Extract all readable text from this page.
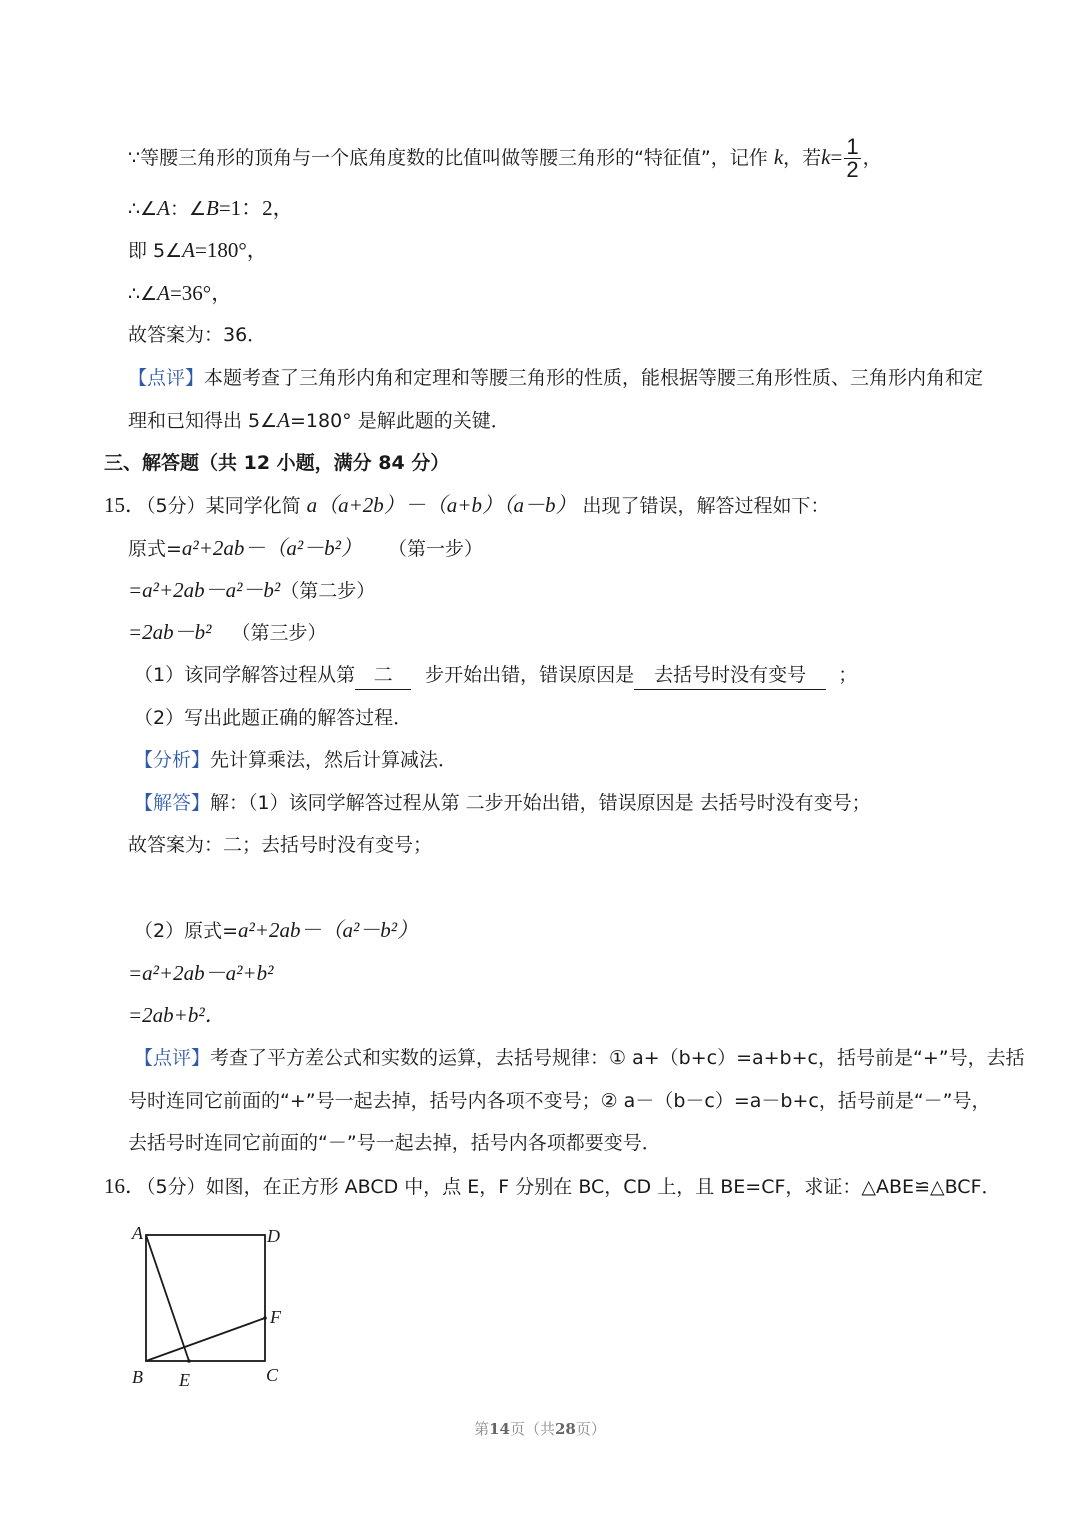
∵等腰三角形的顶角与一个底角度数的比值叫做等腰三角形的“特征值”，记作 k，若$k= \frac{1}{2}$ ，
∴∠A：∠B=1：2，
即 5∠A=180°，
∴∠A=36°，
故答案为：36．
【点评】本题考查了三角形内角和定理和等腰三角形的性质，能根据等腰三角形性质、三角形内角和定
理和已知得出 5∠A=180° 是解此题的关键．
三、解答题（共 12 小题，满分 84 分）
15．（5分）某同学化简 a（a+2b）－（a+b）（a－b） 出现了错误，解答过程如下：
原式=a²+2ab－（a²－b²） （第一步）
=a²+2ab－a²－b²（第二步）
=2ab－b² （第三步）
（1）该同学解答过程从第 二 步开始出错，错误原因是 去括号时没有变号 ；
（2）写出此题正确的解答过程．
【分析】先计算乘法，然后计算减法．
【解答】解：（1）该同学解答过程从第 二步开始出错，错误原因是 去括号时没有变号；
故答案为：二；去括号时没有变号；
（2）原式=a²+2ab－（a²－b²）
=a²+2ab－a²+b²
=2ab+b²．
【点评】考查了平方差公式和实数的运算，去括号规律：① a+（b+c）=a+b+c，括号前是“+”号，去括
号时连同它前面的“+”号一起去掉，括号内各项不变号；② a－（b－c）=a－b+c，括号前是“－”号，
去括号时连同它前面的“－”号一起去掉，括号内各项都要变号．
16．（5分）如图，在正方形 ABCD 中，点 E，F 分别在 BC，CD 上，且 BE=CF，求证：△ABE≌△BCF．
A	D
F
B E	C
第14页（共28页）
